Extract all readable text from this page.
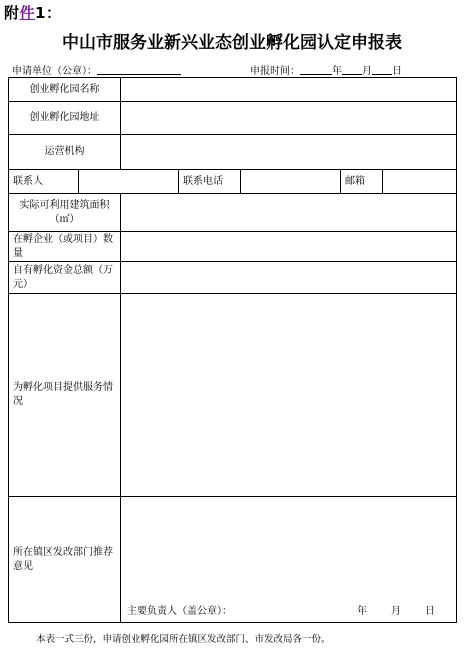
附件1：
中山市服务业新兴业态创业孵化园认定申报表
申请单位（公章）：	申报时间：	年 月 日
创业孵化园名称						
创业孵化园地址						
运营机构						
联系人			联系电话		邮箱	
实际可利用建筑面积（㎡）						
在孵企业（或项目）数量						
自有孵化资金总额（万元）						
为孵化项目提供服务情况						
所在镇区发改部门推荐意见		主要负责人（盖公章）： 年 月 日				
本表一式三份，申请创业孵化园所在镇区发改部门、市发改局各一份。
